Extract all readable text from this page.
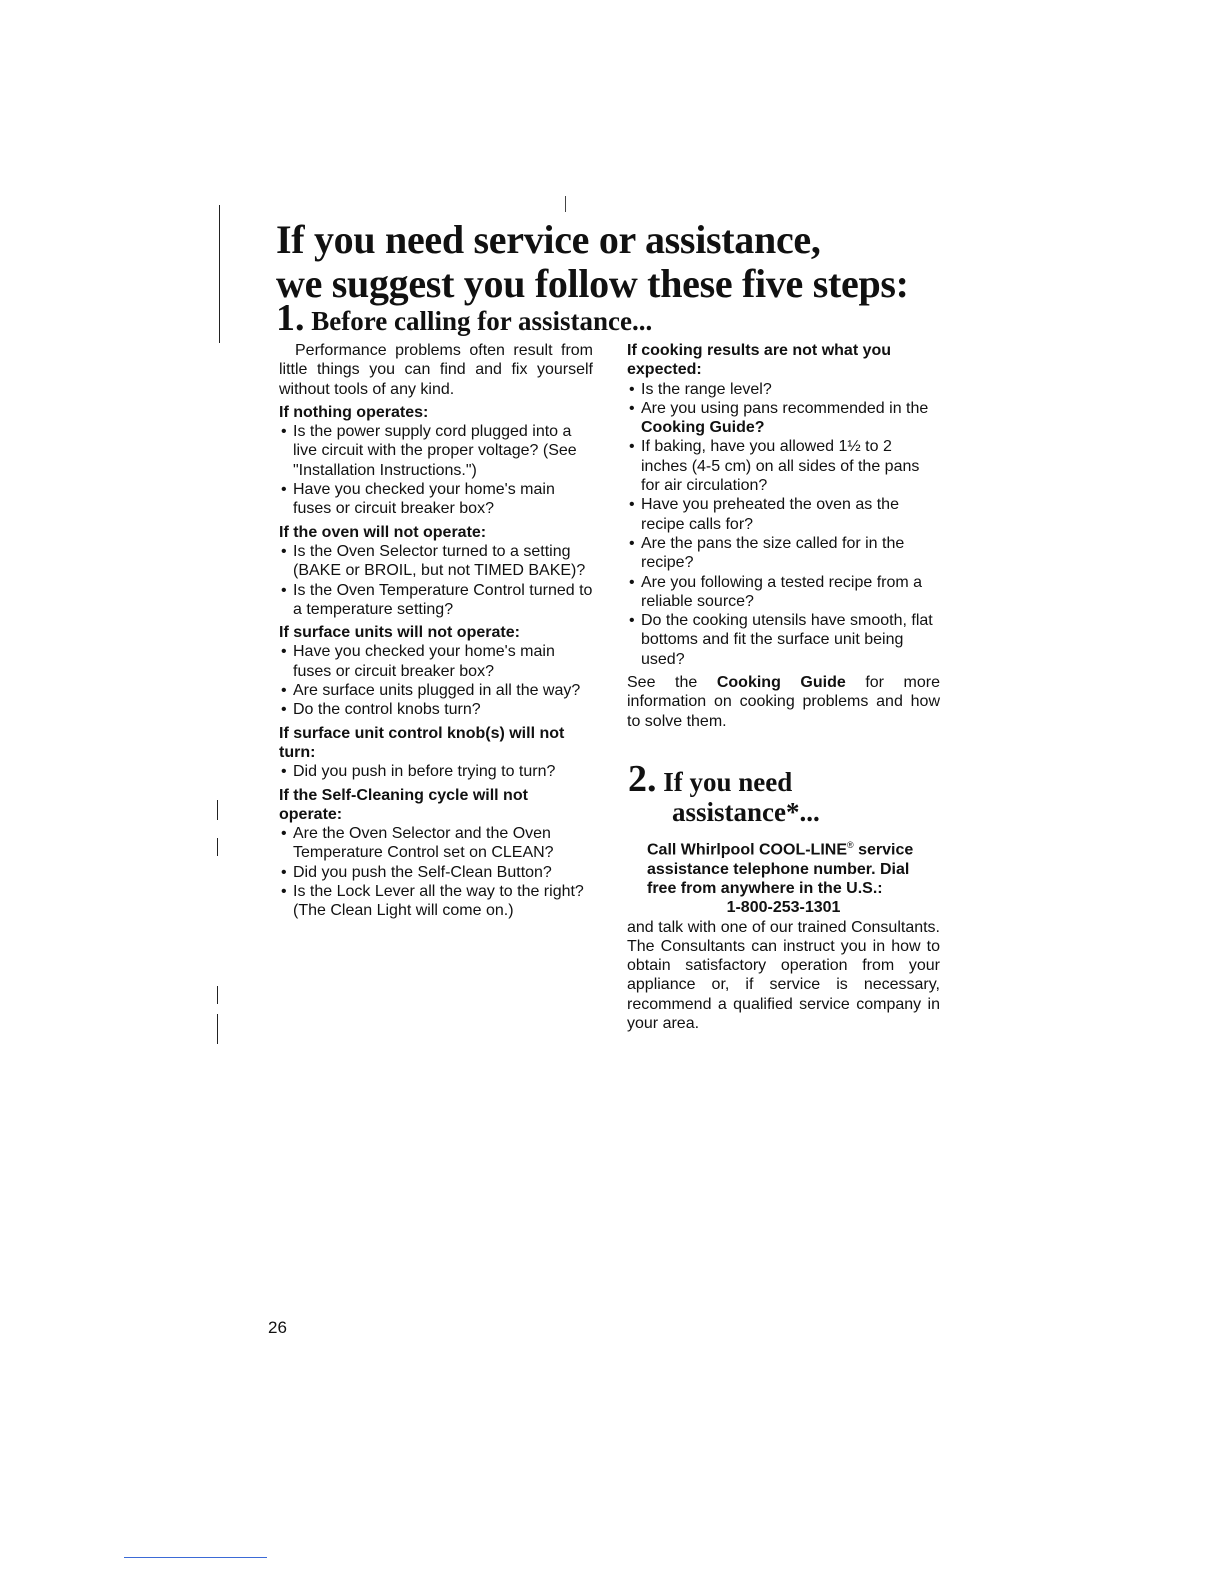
If you need service or assistance,
we suggest you follow these five steps:
1. Before calling for assistance...

Performance problems often result from little things you can find and fix yourself without tools of any kind.

If nothing operates:

• Is the power supply cord plugged into a live circuit with the proper voltage? (See "Installation Instructions.")
• Have you checked your home's main fuses or circuit breaker box?

If the oven will not operate:

• Is the Oven Selector turned to a setting (BAKE or BROIL, but not TIMED BAKE)?
• Is the Oven Temperature Control turned to a temperature setting?

If surface units will not operate:

• Have you checked your home's main fuses or circuit breaker box?
• Are surface units plugged in all the way?
• Do the control knobs turn?

If surface unit control knob(s) will not turn:

• Did you push in before trying to turn?

If the Self-Cleaning cycle will not operate:

• Are the Oven Selector and the Oven Temperature Control set on CLEAN?
• Did you push the Self-Clean Button?
• Is the Lock Lever all the way to the right? (The Clean Light will come on.)

If cooking results are not what you expected:

• Is the range level?
• Are you using pans recommended in the Cooking Guide?
• If baking, have you allowed 1½ to 2 inches (4-5 cm) on all sides of the pans for air circulation?
• Have you preheated the oven as the recipe calls for?
• Are the pans the size called for in the recipe?
• Are you following a tested recipe from a reliable source?
• Do the cooking utensils have smooth, flat bottoms and fit the surface unit being used?

See the Cooking Guide for more information on cooking problems and how to solve them.

2. If you need
assistance*...

Call Whirlpool COOL-LINE® service assistance telephone number. Dial free from anywhere in the U.S.:

1-800-253-1301

and talk with one of our trained Consultants. The Consultants can instruct you in how to obtain satisfactory operation from your appliance or, if service is necessary, recommend a qualified service company in your area.

26
